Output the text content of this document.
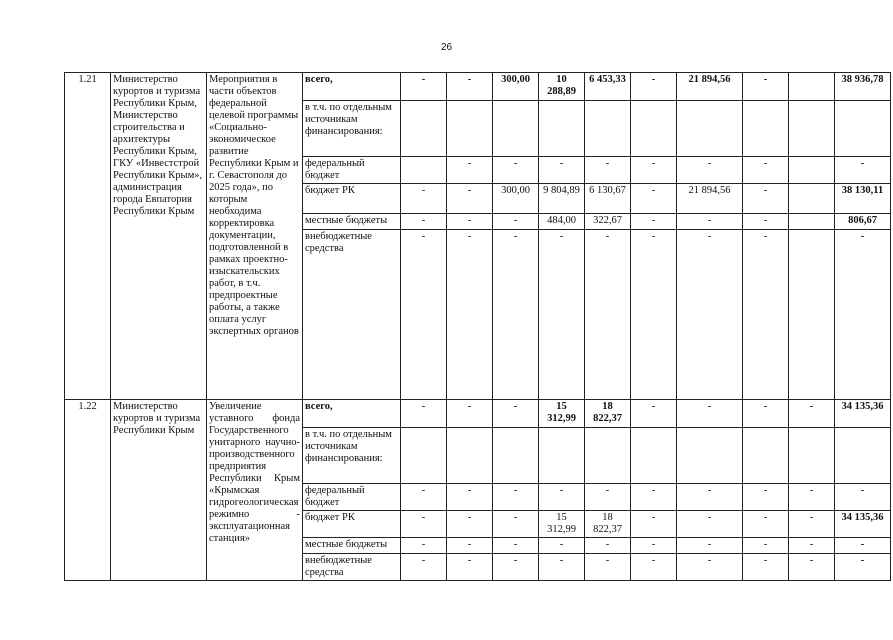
26
1.21	Министерство курортов и туризма Республики Крым, Министерство строительства и архитектуры Республики Крым, ГКУ «Инвестстрой Республики Крым», администрация города Евпатория Республики Крым	Мероприятия в части объектов федеральной целевой программы «Социально-экономическое развитие Республики Крым и г. Севастополя до 2025 года», по которым необходима корректировка документации, подготовленной в рамках проектно-изыскательских работ, в т.ч. предпроектные работы, а также оплата услуг экспертных органов	всего,	-	-	300,00	10 288,89	6 453,33	-	21 894,56	-		38 936,78
			в т.ч. по отдельным источникам финансирования:										
			федеральный бюджет		-	-	-	-	-	-	-		-
			бюджет РК	-	-	300,00	9 804,89	6 130,67	-	21 894,56	-		38 130,11
			местные бюджеты	-	-	-	484,00	322,67	-	-	-		806,67
			внебюджетные средства	-	-	-	-	-	-	-	-		-
1.22	Министерство курортов и туризма Республики Крым	Увеличение уставного фонда Государственного унитарного научно-производственного предприятия Республики Крым «Крымская гидрогеологическая режимно - эксплуатационная станция»	всего,	-	-	-	15 312,99	18 822,37	-	-	-	-	34 135,36
			в т.ч. по отдельным источникам финансирования:										
			федеральный бюджет	-	-	-	-	-	-	-	-	-	-
			бюджет РК	-	-	-	15 312,99	18 822,37	-	-	-	-	34 135,36
			местные бюджеты	-	-	-	-	-	-	-	-	-	-
			внебюджетные средства	-	-	-	-	-	-	-	-	-	-
